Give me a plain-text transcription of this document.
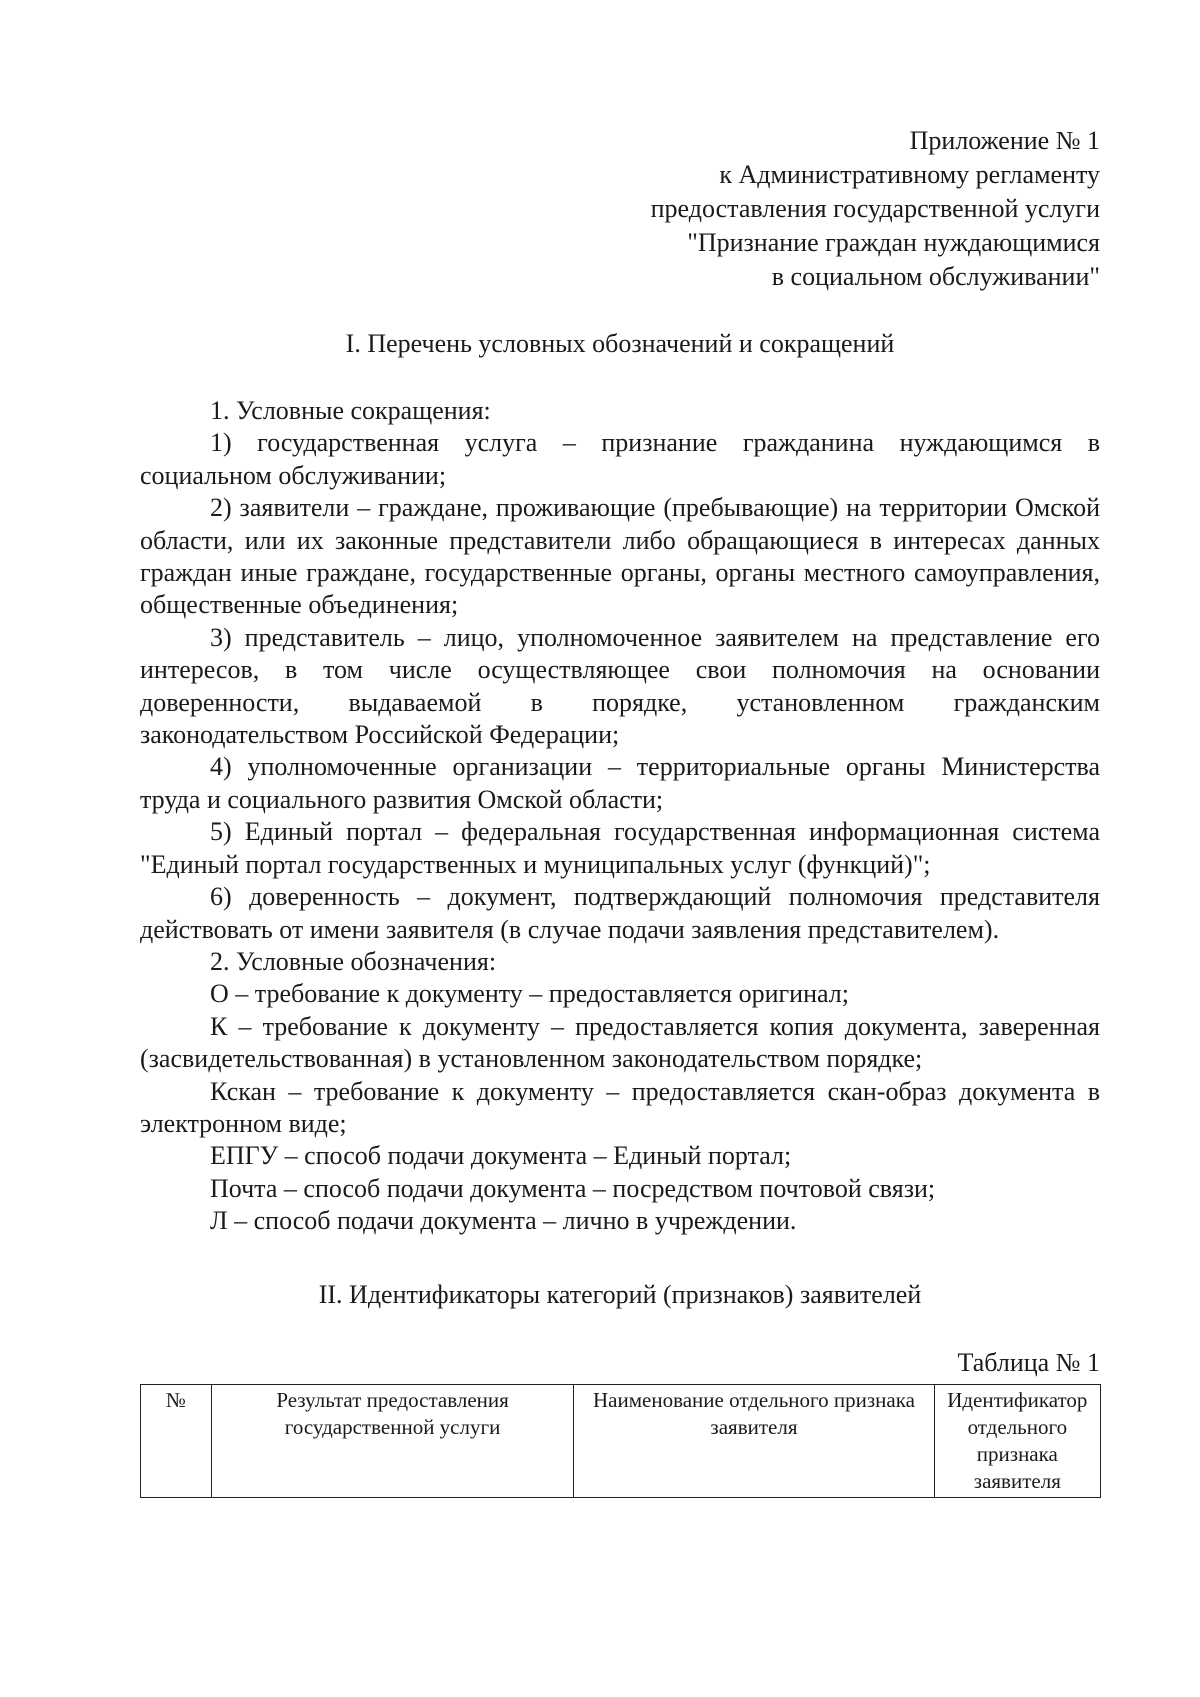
Приложение № 1
к Административному регламенту
предоставления государственной услуги
"Признание граждан нуждающимися
в социальном обслуживании"
I. Перечень условных обозначений и сокращений

1. Условные сокращения:

1) государственная услуга – признание гражданина нуждающимся в социальном обслуживании;

2) заявители – граждане, проживающие (пребывающие) на территории Омской области, или их законные представители либо обращающиеся в интересах данных граждан иные граждане, государственные органы, органы местного самоуправления, общественные объединения;

3) представитель – лицо, уполномоченное заявителем на представление его интересов, в том числе осуществляющее свои полномочия на основании доверенности, выдаваемой в порядке, установленном гражданским законодательством Российской Федерации;

4) уполномоченные организации – территориальные органы Министерства труда и социального развития Омской области;

5) Единый портал – федеральная государственная информационная система "Единый портал государственных и муниципальных услуг (функций)";

6) доверенность – документ, подтверждающий полномочия представителя действовать от имени заявителя (в случае подачи заявления представителем).

2. Условные обозначения:

О – требование к документу – предоставляется оригинал;

К – требование к документу – предоставляется копия документа, заверенная (засвидетельствованная) в установленном законодательством порядке;

Кскан – требование к документу – предоставляется скан-образ документа в электронном виде;

ЕПГУ – способ подачи документа – Единый портал;

Почта – способ подачи документа – посредством почтовой связи;

Л – способ подачи документа – лично в учреждении.

II. Идентификаторы категорий (признаков) заявителей
Таблица № 1
№	Результат предоставления государственной услуги	Наименование отдельного признака заявителя	Идентификатор отдельного признака заявителя
